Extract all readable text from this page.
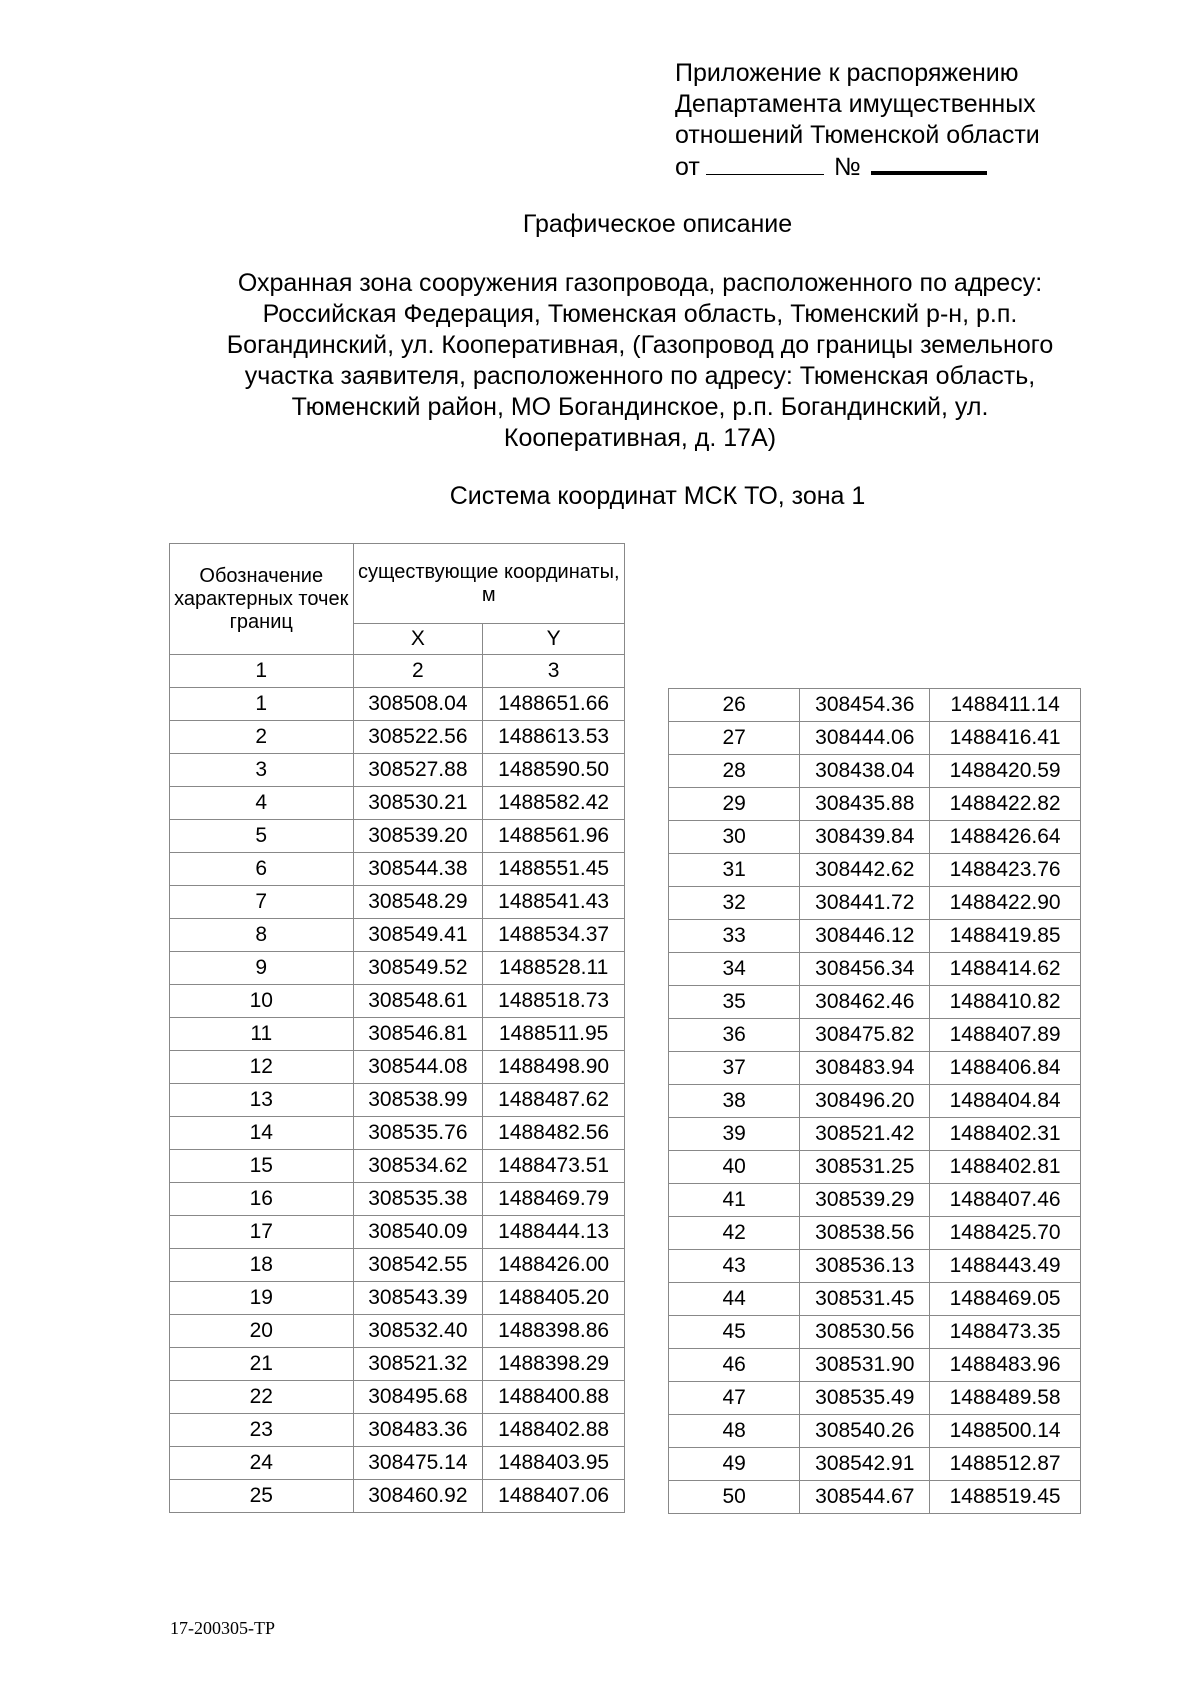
Приложение к распоряжению
Департамента имущественных
отношений Тюменской области
от	№
Графическое описание
Охранная зона сооружения газопровода, расположенного по адресу:
Российская Федерация, Тюменская область, Тюменский р-н, р.п.
Богандинский, ул. Кооперативная, (Газопровод до границы земельного
участка заявителя, расположенного по адресу: Тюменская область,
Тюменский район, МО Богандинское, р.п. Богандинский, ул.
Кооперативная, д. 17А)
Система координат МСК ТО, зона 1
Обозначение характерных точек границ	существующие координаты, м	
	X	Y
1	2	3
1	308508.04	1488651.66
2	308522.56	1488613.53
3	308527.88	1488590.50
4	308530.21	1488582.42
5	308539.20	1488561.96
6	308544.38	1488551.45
7	308548.29	1488541.43
8	308549.41	1488534.37
9	308549.52	1488528.11
10	308548.61	1488518.73
11	308546.81	1488511.95
12	308544.08	1488498.90
13	308538.99	1488487.62
14	308535.76	1488482.56
15	308534.62	1488473.51
16	308535.38	1488469.79
17	308540.09	1488444.13
18	308542.55	1488426.00
19	308543.39	1488405.20
20	308532.40	1488398.86
21	308521.32	1488398.29
22	308495.68	1488400.88
23	308483.36	1488402.88
24	308475.14	1488403.95
25	308460.92	1488407.06
26	308454.36	1488411.14
27	308444.06	1488416.41
28	308438.04	1488420.59
29	308435.88	1488422.82
30	308439.84	1488426.64
31	308442.62	1488423.76
32	308441.72	1488422.90
33	308446.12	1488419.85
34	308456.34	1488414.62
35	308462.46	1488410.82
36	308475.82	1488407.89
37	308483.94	1488406.84
38	308496.20	1488404.84
39	308521.42	1488402.31
40	308531.25	1488402.81
41	308539.29	1488407.46
42	308538.56	1488425.70
43	308536.13	1488443.49
44	308531.45	1488469.05
45	308530.56	1488473.35
46	308531.90	1488483.96
47	308535.49	1488489.58
48	308540.26	1488500.14
49	308542.91	1488512.87
50	308544.67	1488519.45
17-200305-ТР
